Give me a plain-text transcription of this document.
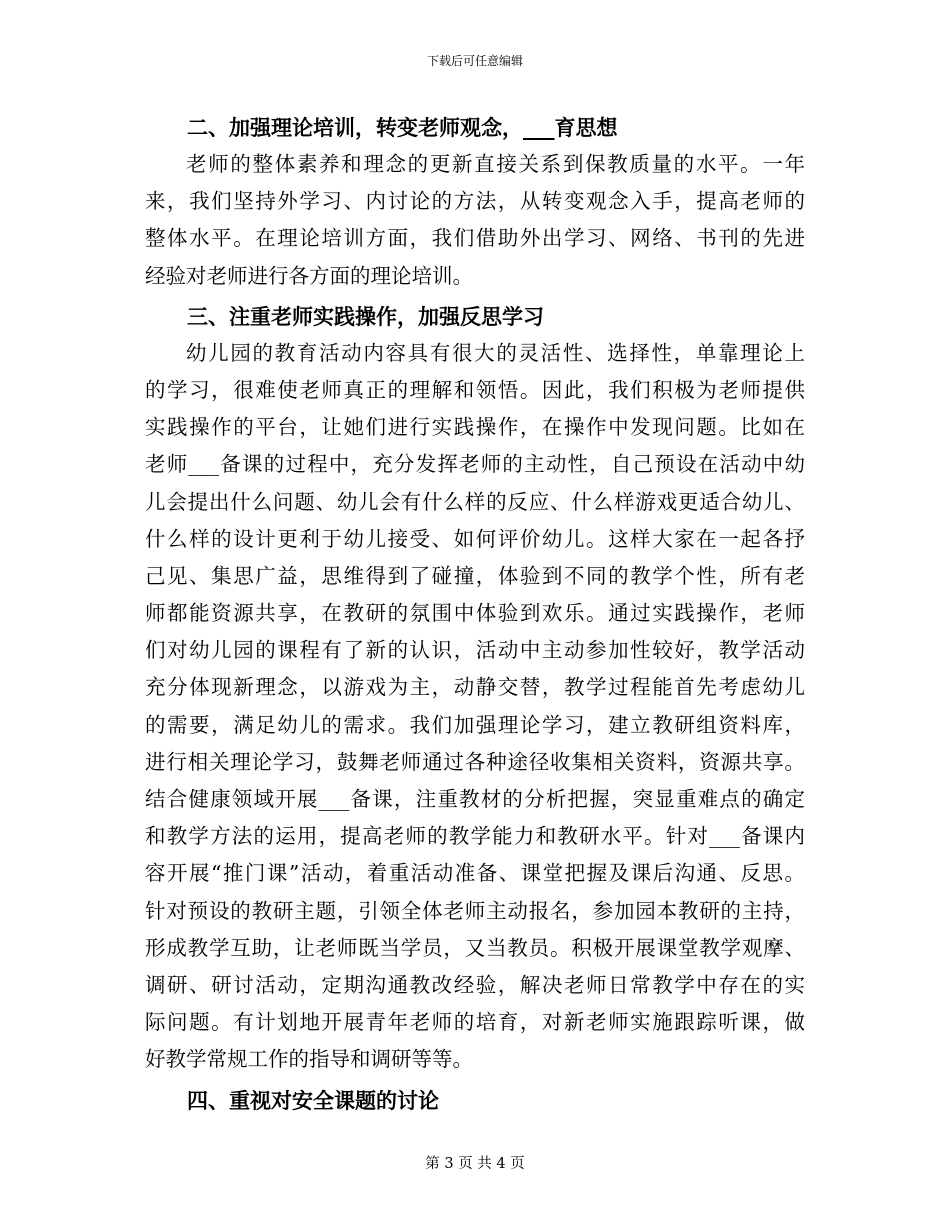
下载后可任意编辑
二、加强理论培训，转变老师观念，___育思想
老师的整体素养和理念的更新直接关系到保教质量的水平。一年
来，我们坚持外学习、内讨论的方法，从转变观念入手，提高老师的
整体水平。在理论培训方面，我们借助外出学习、网络、书刊的先进
经验对老师进行各方面的理论培训。
三、注重老师实践操作，加强反思学习
幼儿园的教育活动内容具有很大的灵活性、选择性，单靠理论上
的学习，很难使老师真正的理解和领悟。因此，我们积极为老师提供
实践操作的平台，让她们进行实践操作，在操作中发现问题。比如在
老师___备课的过程中，充分发挥老师的主动性，自己预设在活动中幼
儿会提出什么问题、幼儿会有什么样的反应、什么样游戏更适合幼儿、
什么样的设计更利于幼儿接受、如何评价幼儿。这样大家在一起各抒
己见、集思广益，思维得到了碰撞，体验到不同的教学个性，所有老
师都能资源共享，在教研的氛围中体验到欢乐。通过实践操作，老师
们对幼儿园的课程有了新的认识，活动中主动参加性较好，教学活动
充分体现新理念，以游戏为主，动静交替，教学过程能首先考虑幼儿
的需要，满足幼儿的需求。我们加强理论学习，建立教研组资料库，
进行相关理论学习，鼓舞老师通过各种途径收集相关资料，资源共享。
结合健康领域开展___备课，注重教材的分析把握，突显重难点的确定
和教学方法的运用，提高老师的教学能力和教研水平。针对___备课内
容开展“推门课”活动，着重活动准备、课堂把握及课后沟通、反思。
针对预设的教研主题，引领全体老师主动报名，参加园本教研的主持，
形成教学互助，让老师既当学员，又当教员。积极开展课堂教学观摩、
调研、研讨活动，定期沟通教改经验，解决老师日常教学中存在的实
际问题。有计划地开展青年老师的培育，对新老师实施跟踪听课，做
好教学常规工作的指导和调研等等。
四、重视对安全课题的讨论
第 3 页 共 4 页
